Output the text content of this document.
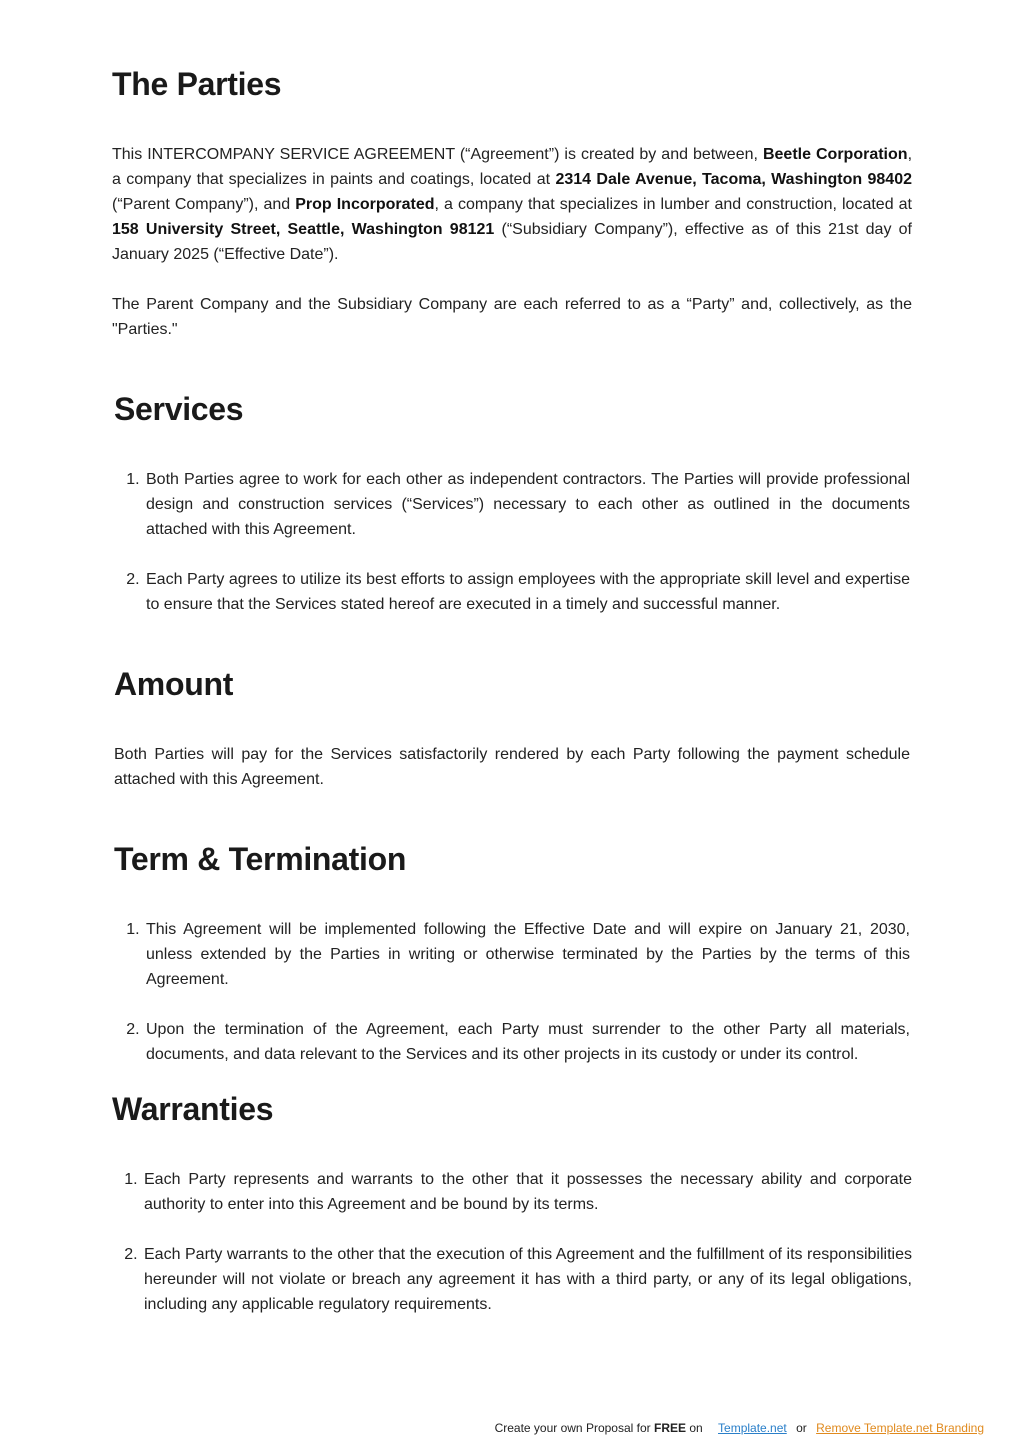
The Parties

This INTERCOMPANY SERVICE AGREEMENT (“Agreement”) is created by and between, Beetle Corporation, a company that specializes in paints and coatings, located at 2314 Dale Avenue, Tacoma, Washington 98402 (“Parent Company”), and Prop Incorporated, a company that specializes in lumber and construction, located at 158 University Street, Seattle, Washington 98121 (“Subsidiary Company”), effective as of this 21st day of January 2025 (“Effective Date”).

The Parent Company and the Subsidiary Company are each referred to as a “Party” and, collectively, as the "Parties."

Services
1. Both Parties agree to work for each other as independent contractors. The Parties will provide professional design and construction services (“Services”) necessary to each other as outlined in the documents attached with this Agreement.
2. Each Party agrees to utilize its best efforts to assign employees with the appropriate skill level and expertise to ensure that the Services stated hereof are executed in a timely and successful manner.
Amount

Both Parties will pay for the Services satisfactorily rendered by each Party following the payment schedule attached with this Agreement.

Term & Termination
1. This Agreement will be implemented following the Effective Date and will expire on January 21, 2030, unless extended by the Parties in writing or otherwise terminated by the Parties by the terms of this Agreement.
2. Upon the termination of the Agreement, each Party must surrender to the other Party all materials, documents, and data relevant to the Services and its other projects in its custody or under its control.
Warranties
1. Each Party represents and warrants to the other that it possesses the necessary ability and corporate authority to enter into this Agreement and be bound by its terms.
2. Each Party warrants to the other that the execution of this Agreement and the fulfillment of its responsibilities hereunder will not violate or breach any agreement it has with a third party, or any of its legal obligations, including any applicable regulatory requirements.
Create your own Proposal for FREE on Template.net or Remove Template.net Branding
